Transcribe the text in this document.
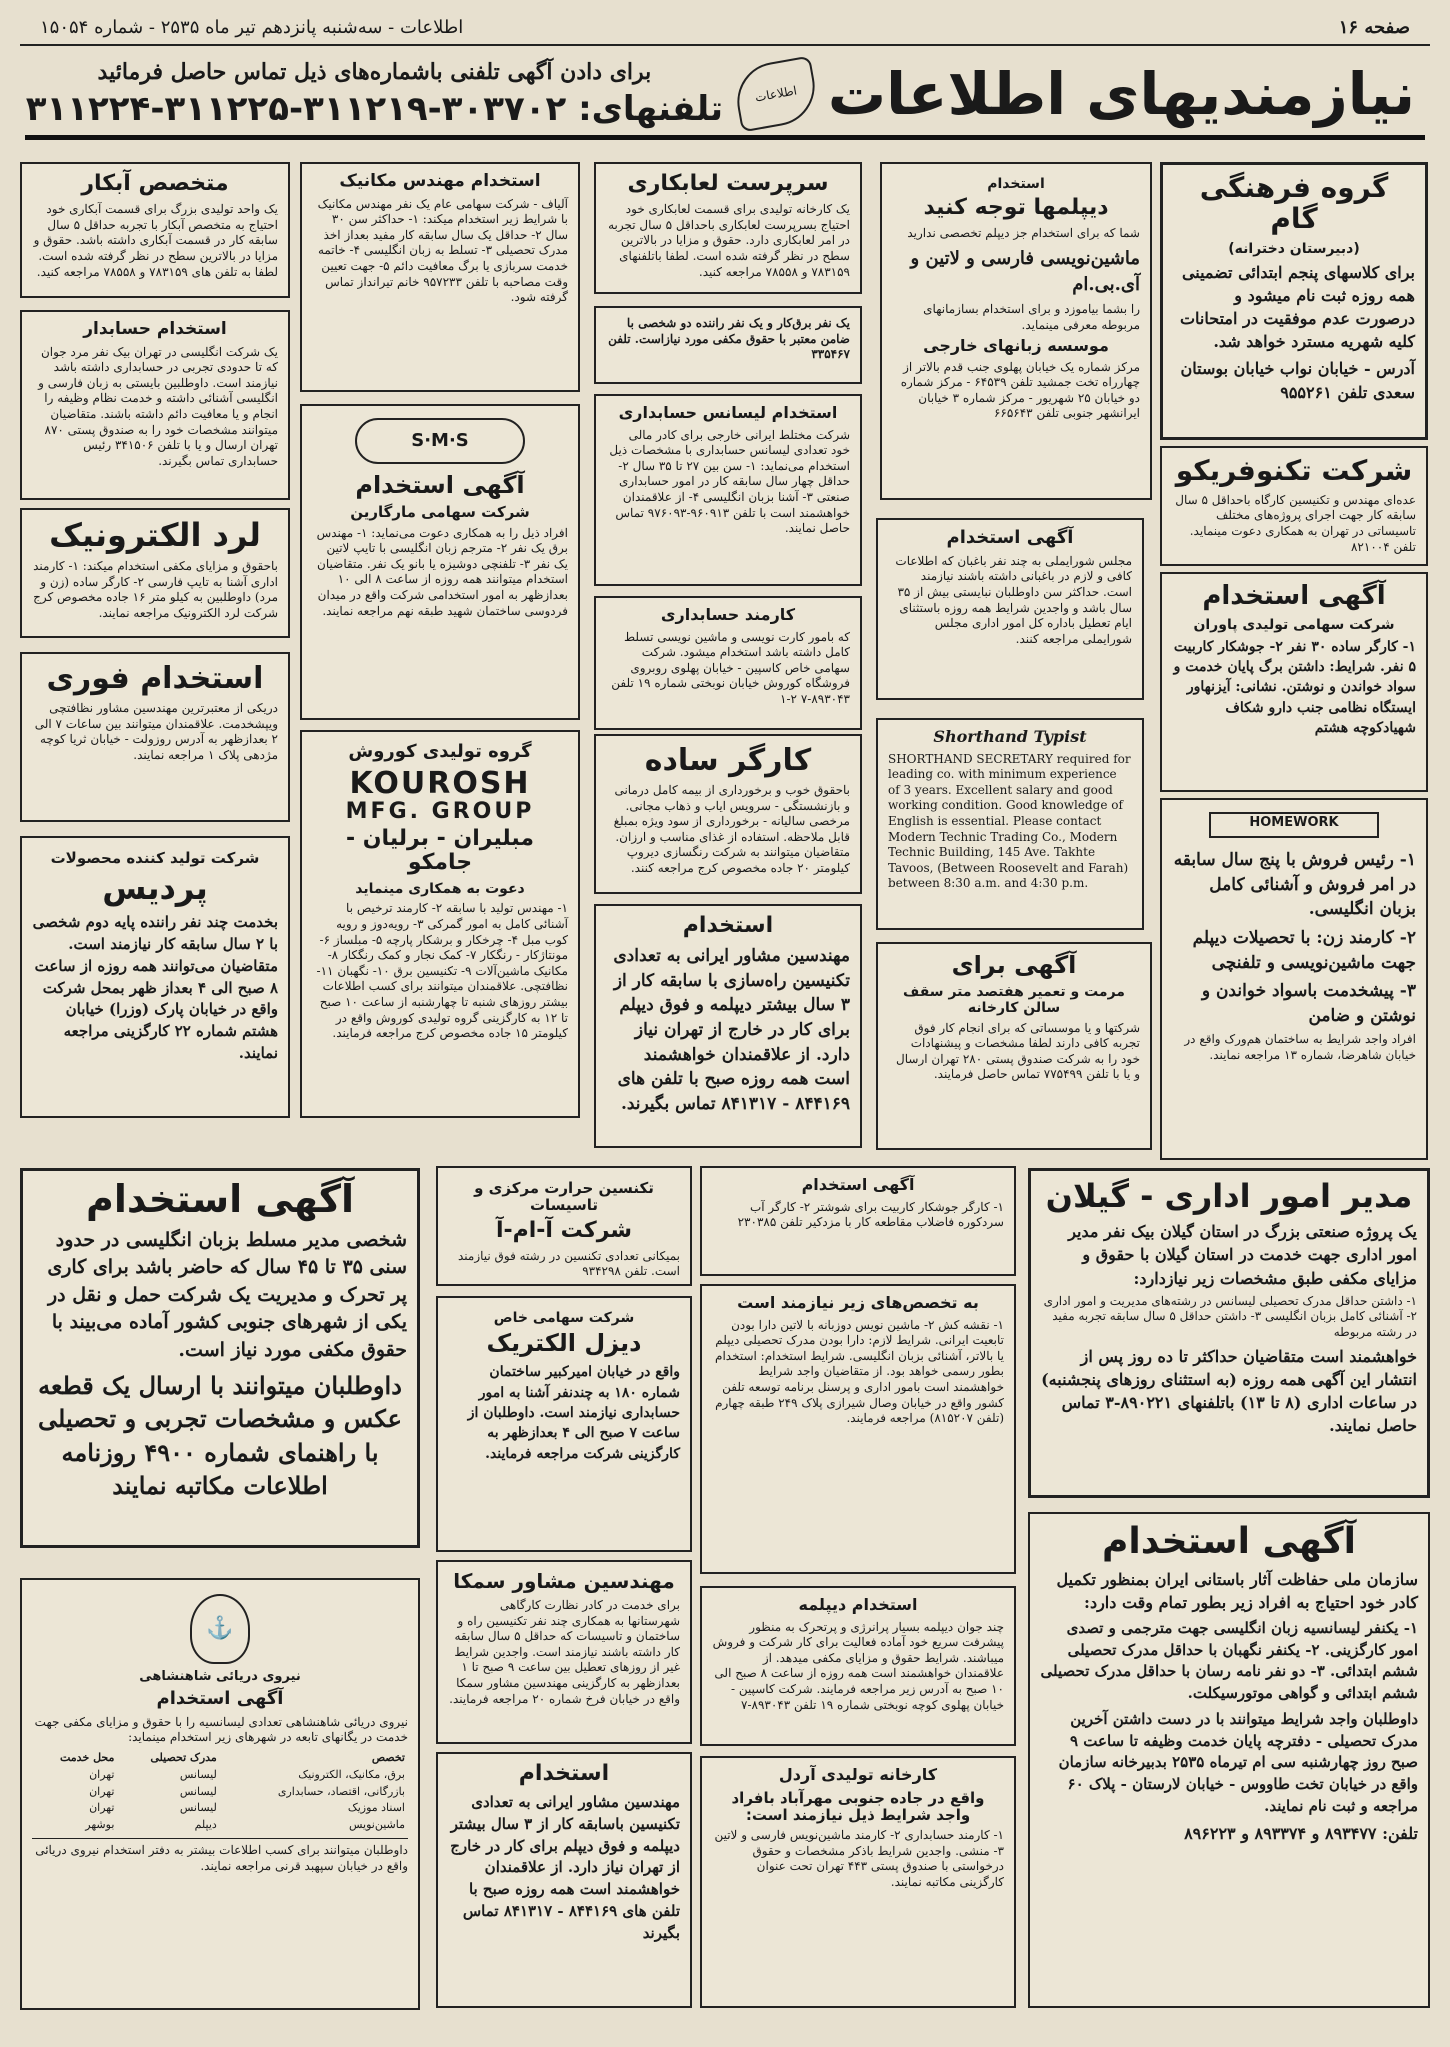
صفحه ۱۶
اطلاعات - سه‌شنبه پانزدهم تیر ماه ۲۵۳۵ - شماره ۱۵۰۵۴
نیازمندیهای اطلاعات
اطلاعات
برای دادن آگهی تلفنی باشماره‌های ذیل تماس حاصل فرمائید
تلفنهای: ۳۰۳۷۰۲-۳۱۱۲۱۹-۳۱۱۲۲۵-۳۱۱۲۲۴
گروه فرهنگی گام
(دبیرستان دخترانه)

برای کلاسهای پنجم ابتدائی تضمینی همه روزه ثبت نام میشود و درصورت عدم موفقیت در امتحانات کلیه شهریه مسترد خواهد شد.

آدرس - خیابان نواب خیابان بوستان سعدی تلفن ۹۵۵۲۶۱

شرکت تکنوفریکو

عده‌ای مهندس و تکنیسین کارگاه باحداقل ۵ سال سابقه کار جهت اجرای پروژه‌های مختلف تاسیساتی در تهران به همکاری دعوت مینماید. تلفن ۸۲۱۰۰۴

آگهی استخدام
شرکت سهامی تولیدی پاوران

۱- کارگر ساده ۳۰ نفر ۲- جوشکار کاربیت ۵ نفر. شرایط: داشتن برگ پایان خدمت و سواد خواندن و نوشتن. نشانی: آیزنهاور ایستگاه نظامی جنب دارو شکاف شهیادکوچه هشتم

HOMEWORK

۱- رئیس فروش با پنج سال سابقه در امر فروش و آشنائی کامل بزبان انگلیسی.

۲- کارمند زن: با تحصیلات دیپلم جهت ماشین‌نویسی و تلفنچی

۳- پیشخدمت باسواد خواندن و نوشتن و ضامن

افراد واجد شرایط به ساختمان هم‌ورک واقع در خیابان شاهرضا، شماره ۱۳ مراجعه نمایند.

استخدام
دیپلمها توجه کنید

شما که برای استخدام جز دیپلم تخصصی ندارید

ماشین‌نویسی فارسی و لاتین و آی.بی.ام

را بشما بیاموزد و برای استخدام بسازمانهای مربوطه معرفی مینماید.

موسسه زبانهای خارجی

مرکز شماره یک خیابان پهلوی جنب قدم بالاتر از چهارراه تخت جمشید تلفن ۶۴۵۳۹ - مرکز شماره دو خیابان ۲۵ شهریور - مرکز شماره ۳ خیابان ایرانشهر جنوبی تلفن ۶۶۵۶۴۳

آگهی استخدام

مجلس شورایملی به چند نفر باغبان که اطلاعات کافی و لازم در باغبانی داشته باشند نیازمند است. حداکثر سن داوطلبان نبایستی بیش از ۳۵ سال باشد و واجدین شرایط همه روزه باستثنای ایام تعطیل باداره کل امور اداری مجلس شورایملی مراجعه کنند.

Shorthand Typist

SHORTHAND SECRETARY required for leading co. with minimum experience of 3 years. Excellent salary and good working condition. Good knowledge of English is essential. Please contact Modern Technic Trading Co., Modern Technic Building, 145 Ave. Takhte Tavoos, (Between Roosevelt and Farah) between 8:30 a.m. and 4:30 p.m.

آگهی برای
مرمت و تعمیر هفتصد متر سقف سالن کارخانه

شرکتها و یا موسساتی که برای انجام کار فوق تجربه کافی دارند لطفا مشخصات و پیشنهادات خود را به شرکت صندوق پستی ۲۸۰ تهران ارسال و یا با تلفن ۷۷۵۴۹۹ تماس حاصل فرمایند.

سرپرست لعابکاری

یک کارخانه تولیدی برای قسمت لعابکاری خود احتیاج بسرپرست لعابکاری باحداقل ۵ سال تجربه در امر لعابکاری دارد. حقوق و مزایا در بالاترین سطح در نظر گرفته شده است. لطفا باتلفنهای ۷۸۳۱۵۹ و ۷۸۵۵۸ مراجعه کنید.

یک نفر برق‌کار و یک نفر راننده دو شخصی با ضامن معتبر با حقوق مکفی مورد نیازاست. تلفن ۳۳۵۴۶۷

استخدام لیسانس حسابداری

شرکت مختلط ایرانی خارجی برای کادر مالی خود تعدادی لیسانس حسابداری با مشخصات ذیل استخدام می‌نماید: ۱- سن بین ۲۷ تا ۳۵ سال ۲- حداقل چهار سال سابقه کار در امور حسابداری صنعتی ۳- آشنا بزبان انگلیسی ۴- از علاقمندان خواهشمند است با تلفن ۹۶۰۹۱۳-۹۷۶۰۹۳ تماس حاصل نمایند.

کارمند حسابداری

که بامور کارت نویسی و ماشین نویسی تسلط کامل داشته باشد استخدام میشود. شرکت سهامی خاص کاسپین - خیابان پهلوی روبروی فروشگاه کوروش خیابان نوبختی شماره ۱۹ تلفن ۸۹۳۰۴۳-۷ ۲-۱

کارگر ساده

باحقوق خوب و برخورداری از بیمه کامل درمانی و بازنشستگی - سرویس ایاب و ذهاب مجانی. مرخصی سالیانه - برخورداری از سود ویژه بمبلغ قابل ملاحظه. استفاده از غذای مناسب و ارزان. متقاضیان میتوانند به شرکت رنگسازی دیروپ کیلومتر ۲۰ جاده مخصوص کرج مراجعه کنند.

استخدام

مهندسین مشاور ایرانی به تعدادی تکنیسین راه‌سازی با سابقه کار از ۳ سال بیشتر دیپلمه و فوق دیپلم برای کار در خارج از تهران نیاز دارد. از علاقمندان خواهشمند است همه روزه صبح با تلفن های ۸۴۴۱۶۹ - ۸۴۱۳۱۷ تماس بگیرند.

استخدام مهندس مکانیک

آلیاف - شرکت سهامی عام یک نفر مهندس مکانیک با شرایط زیر استخدام میکند: ۱- حداکثر سن ۳۰ سال ۲- حداقل یک سال سابقه کار مفید بعداز اخذ مدرک تحصیلی ۳- تسلط به زبان انگلیسی ۴- خاتمه خدمت سربازی یا برگ معافیت دائم ۵- جهت تعیین وقت مصاحبه با تلفن ۹۵۷۲۳۳ خانم تیرانداز تماس گرفته شود.

S·M·S
آگهی استخدام
شرکت سهامی مارگارین

افراد ذیل را به همکاری دعوت می‌نماید: ۱- مهندس برق یک نفر ۲- مترجم زبان انگلیسی با تایپ لاتین یک نفر ۳- تلفنچی دوشیزه یا بانو یک نفر. متقاضیان استخدام میتوانند همه روزه از ساعت ۸ الی ۱۰ بعدازظهر به امور استخدامی شرکت واقع در میدان فردوسی ساختمان شهید طبقه نهم مراجعه نمایند.

گروه تولیدی کوروش
KOUROSH
MFG. GROUP
مبلیران - برلیان - جامکو
دعوت به همکاری مینماید

۱- مهندس تولید با سابقه ۲- کارمند ترخیص با آشنائی کامل به امور گمرکی ۳- رویه‌دوز و رویه کوب مبل ۴- چرخکار و برشکار پارچه ۵- مبلساز ۶- مونتاژکار - رنگکار ۷- کمک نجار و کمک رنگکار ۸- مکانیک ماشین‌آلات ۹- تکنیسین برق ۱۰- نگهبان ۱۱- نظافتچی. علاقمندان میتوانند برای کسب اطلاعات بیشتر روزهای شنبه تا چهارشنبه از ساعت ۱۰ صبح تا ۱۲ به کارگزینی گروه تولیدی کوروش واقع در کیلومتر ۱۵ جاده مخصوص کرج مراجعه فرمایند.

متخصص آبکار

یک واحد تولیدی بزرگ برای قسمت آبکاری خود احتیاج به متخصص آبکار با تجربه حداقل ۵ سال سابقه کار در قسمت آبکاری داشته باشد. حقوق و مزایا در بالاترین سطح در نظر گرفته شده است. لطفا به تلفن های ۷۸۳۱۵۹ و ۷۸۵۵۸ مراجعه کنید.

استخدام حسابدار

یک شرکت انگلیسی در تهران بیک نفر مرد جوان که تا حدودی تجربی در حسابداری داشته باشد نیازمند است. داوطلبین بایستی به زبان فارسی و انگلیسی آشنائی داشته و خدمت نظام وظیفه را انجام و یا معافیت دائم داشته باشند. متقاضیان میتوانند مشخصات خود را به صندوق پستی ۸۷۰ تهران ارسال و یا با تلفن ۳۴۱۵۰۶ رئیس حسابداری تماس بگیرند.

لرد الکترونیک

باحقوق و مزایای مکفی استخدام میکند: ۱- کارمند اداری آشنا به تایپ فارسی ۲- کارگر ساده (زن و مرد) داوطلبین به کیلو متر ۱۶ جاده مخصوص کرج شرکت لرد الکترونیک مراجعه نمایند.

استخدام فوری

دریکی از معتبرترین مهندسین مشاور نظافتچی ویپشخدمت. علاقمندان میتوانند بین ساعات ۷ الی ۲ بعدازظهر به آدرس روزولت - خیابان ثریا کوچه مژدهی پلاک ۱ مراجعه نمایند.

شرکت تولید کننده محصولات
پردیس

بخدمت چند نفر راننده پایه دوم شخصی با ۲ سال سابقه کار نیازمند است. متقاضیان می‌توانند همه روزه از ساعت ۸ صبح الی ۴ بعداز ظهر بمحل شرکت واقع در خیابان پارک (وزرا) خیابان هشتم شماره ۲۲ کارگزینی مراجعه نمایند.

آگهی استخدام

شخصی مدیر مسلط بزبان انگلیسی در حدود سنی ۳۵ تا ۴۵ سال که حاضر باشد برای کاری پر تحرک و مدیریت یک شرکت حمل و نقل در یکی از شهرهای جنوبی کشور آماده می‌بیند با حقوق مکفی مورد نیاز است.

داوطلبان میتوانند با ارسال یک قطعه عکس و مشخصات تجربی و تحصیلی با راهنمای شماره ۴۹۰۰ روزنامه اطلاعات مکاتبه نمایند

تکنسین حرارت مرکزی و تاسیسات
شرکت آ-ام-آ

بمیکانی تعدادی تکنسین در رشته فوق نیازمند است. تلفن ۹۳۴۲۹۸

آگهی استخدام

۱- کارگر جوشکار کاربیت برای شوشتر ۲- کارگر آب سردکوره فاضلاب مقاطعه کار با مزدکیر تلفن ۲۳۰۳۸۵

شرکت سهامی خاص
دیزل الکتریک

واقع در خیابان امیرکبیر ساختمان شماره ۱۸۰ به چندنفر آشنا به امور حسابداری نیازمند است. داوطلبان از ساعت ۷ صبح الی ۴ بعدازظهر به کارگزینی شرکت مراجعه فرمایند.

به تخصص‌های زیر نیازمند است

۱- نقشه کش ۲- ماشین نویس دوزبانه با لاتین دارا بودن تابعیت ایرانی. شرایط لازم: دارا بودن مدرک تحصیلی دیپلم یا بالاتر، آشنائی بزبان انگلیسی. شرایط استخدام: استخدام بطور رسمی خواهد بود. از متقاضیان واجد شرایط خواهشمند است بامور اداری و پرسنل برنامه توسعه تلفن کشور واقع در خیابان وصال شیرازی پلاک ۲۴۹ طبقه چهارم (تلفن ۸۱۵۲۰۷) مراجعه فرمایند.

مدیر امور اداری - گیلان

یک پروژه صنعتی بزرگ در استان گیلان بیک نفر مدیر امور اداری جهت خدمت در استان گیلان با حقوق و مزایای مکفی طبق مشخصات زیر نیازدارد:

۱- داشتن حداقل مدرک تحصیلی لیسانس در رشته‌های مدیریت و امور اداری ۲- آشنائی کامل بزبان انگلیسی ۳- داشتن حداقل ۵ سال سابقه تجربه مفید در رشته مربوطه

خواهشمند است متقاضیان حداکثر تا ده روز پس از انتشار این آگهی همه روزه (به استثنای روزهای پنجشنبه) در ساعات اداری (۸ تا ۱۳) باتلفنهای ۸۹۰۲۲۱-۳ تماس حاصل نمایند.

مهندسین مشاور سمکا

برای خدمت در کادر نظارت کارگاهی شهرستانها به همکاری چند نفر تکنیسین راه و ساختمان و تاسیسات که حداقل ۵ سال سابقه کار داشته باشند نیازمند است. واجدین شرایط غیر از روزهای تعطیل بین ساعت ۹ صبح تا ۱ بعدازظهر به کارگزینی مهندسین مشاور سمکا واقع در خیابان فرخ شماره ۲۰ مراجعه فرمایند.

⚓
نیروی دریائی شاهنشاهی
آگهی استخدام

نیروی دریائی شاهنشاهی تعدادی لیسانسیه را با حقوق و مزایای مکفی جهت خدمت در یگانهای تابعه در شهرهای زیر استخدام مینماید:

تخصص	مدرک تحصیلی	محل خدمت
برق، مکانیک، الکترونیک	لیسانس	تهران
بازرگانی، اقتصاد، حسابداری	لیسانس	تهران
اسناد موزیک	لیسانس	تهران
ماشین‌نویس	دیپلم	بوشهر

داوطلبان میتوانند برای کسب اطلاعات بیشتر به دفتر استخدام نیروی دریائی واقع در خیابان سپهبد قرنی مراجعه نمایند.

استخدام دیپلمه

چند جوان دیپلمه بسیار پرانرژی و پرتحرک به منظور پیشرفت سریع خود آماده فعالیت برای کار شرکت و فروش میباشند. شرایط حقوق و مزایای مکفی میدهد. از علاقمندان خواهشمند است همه روزه از ساعت ۸ صبح الی ۱۰ صبح به آدرس زیر مراجعه فرمایند. شرکت کاسپین - خیابان پهلوی کوچه نوبختی شماره ۱۹ تلفن ۸۹۳۰۴۳-۷

استخدام

مهندسین مشاور ایرانی به تعدادی تکنیسین باسابقه کار از ۳ سال بیشتر دیپلمه و فوق دیپلم برای کار در خارج از تهران نیاز دارد. از علاقمندان خواهشمند است همه روزه صبح با تلفن های ۸۴۴۱۶۹ - ۸۴۱۳۱۷ تماس بگیرند

کارخانه تولیدی آردل
واقع در جاده جنوبی مهرآباد بافراد واجد شرایط ذیل نیازمند است:

۱- کارمند حسابداری ۲- کارمند ماشین‌نویس فارسی و لاتین ۳- منشی. واجدین شرایط باذکر مشخصات و حقوق درخواستی با صندوق پستی ۴۴۳ تهران تحت عنوان کارگزینی مکاتبه نمایند.

آگهی استخدام

سازمان ملی حفاظت آثار باستانی ایران بمنظور تکمیل کادر خود احتیاج به افراد زیر بطور تمام وقت دارد:

۱- یکنفر لیسانسیه زبان انگلیسی جهت مترجمی و تصدی امور کارگزینی. ۲- یکنفر نگهبان با حداقل مدرک تحصیلی ششم ابتدائی. ۳- دو نفر نامه رسان با حداقل مدرک تحصیلی ششم ابتدائی و گواهی موتورسیکلت.

داوطلبان واجد شرایط میتوانند با در دست داشتن آخرین مدرک تحصیلی - دفترچه پایان خدمت وظیفه تا ساعت ۹ صبح روز چهارشنبه سی ام تیرماه ۲۵۳۵ بدبیرخانه سازمان واقع در خیابان تخت طاووس - خیابان لارستان - پلاک ۶۰ مراجعه و ثبت نام نمایند.

تلفن: ۸۹۳۴۷۷ و ۸۹۳۳۷۴ و ۸۹۶۲۲۳
